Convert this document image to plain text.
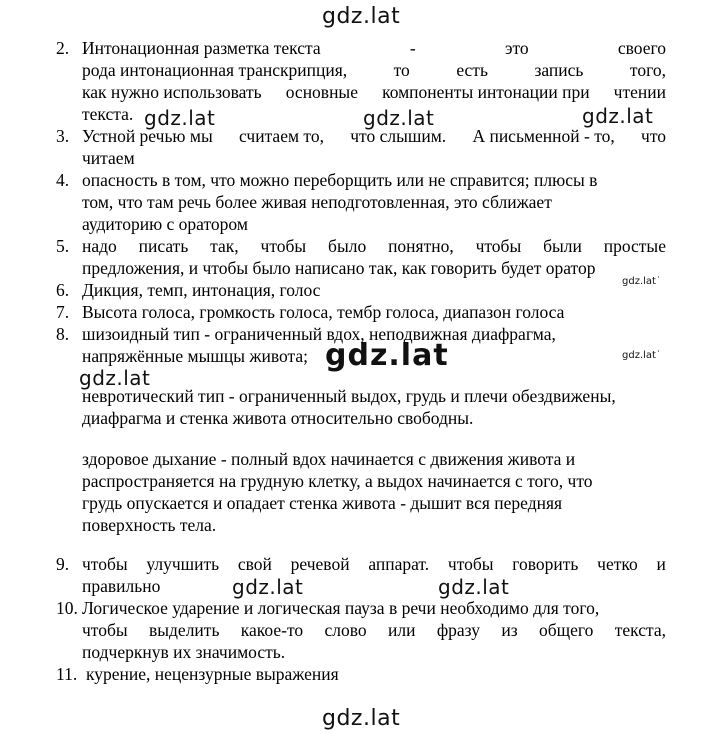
gdz.lat
gdz.lat	gdz.lat	gdz.lat
gdz.lat˙
gdz.lat	gdz.lat˙
gdz.lat
gdz.lat	gdz.lat
gdz.lat
2. Интонационная разметка текста	-	это	своего
рода интонационная транскрипция,	то	есть	запись	того,
как нужно использовать основные компоненты интонации при чтении
текста.
3. Устной речью мы считаем то, что слышим. А письменной - то, что
читаем
4. опасность в том, что можно переборщить или не справится; плюсы в
том, что там речь более живая неподготовленная, это сближает
аудиторию с оратором
5. надо писать так, чтобы было понятно, чтобы были простые
предложения, и чтобы было написано так, как говорить будет оратор
6. Дикция, темп, интонация, голос
7. Высота голоса, громкость голоса, тембр голоса, диапазон голоса
8. шизоидный тип - ограниченный вдох, неподвижная диафрагма,
напряжённые мышцы живота;
невротический тип - ограниченный выдох, грудь и плечи обездвижены,
диафрагма и стенка живота относительно свободны.
здоровое дыхание - полный вдох начинается с движения живота и
распространяется на грудную клетку, а выдох начинается с того, что
грудь опускается и опадает стенка живота - дышит вся передняя
поверхность тела.
9. чтобы улучшить свой речевой аппарат. чтобы говорить четко и
правильно
10. Логическое ударение и логическая пауза в речи необходимо для того,
чтобы выделить какое-то слово или фразу из общего текста,
подчеркнув их значимость.
11. курение, нецензурные выражения
